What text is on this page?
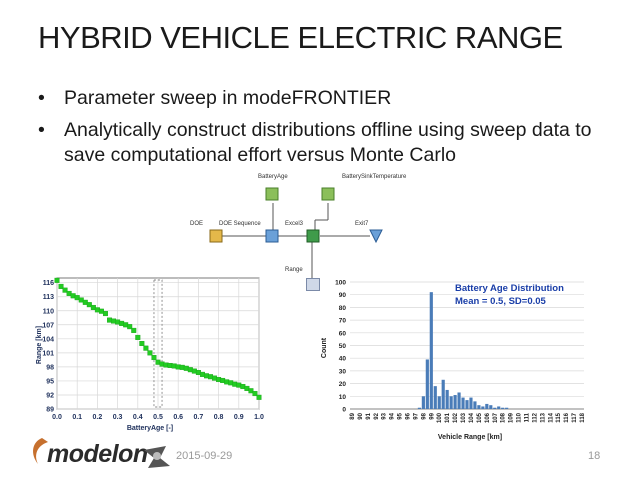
HYBRID VEHICLE ELECTRIC RANGE
• Parameter sweep in modeFRONTIER
• Analytically construct distributions offline using sweep data to save computational effort versus Monte Carlo
BatteryAge	BatterySinkTemperature
DOE	DOE Sequence	Excel3	Exit7
Range
89
92
95
98
101
104
107
110
113
116
0.0 0.1 0.2 0.3 0.4 0.5 0.6 0.7 0.8 0.9 1.0
BatteryAge [-]
Range [km]
0
10
20
30
40
50
60
70
80
90
100
89 90 91 92 93 94 95 96 97 98 99 100 101 102 103 104 105 106 107 108 109 110 111 112 113 114 115 116 117 118
Battery Age Distribution
Mean = 0.5, SD=0.05
Count
Vehicle Range [km]
modelon	2015-09-29	18
